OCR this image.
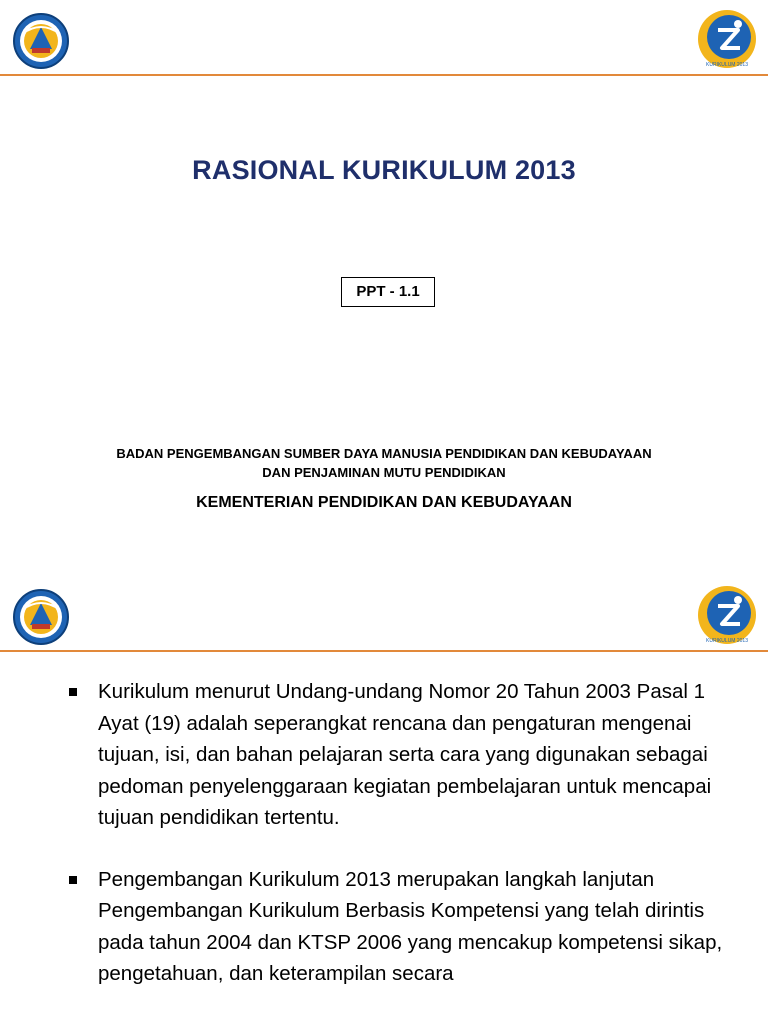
KURIKULUM 2013
RASIONAL KURIKULUM 2013
PPT - 1.1
BADAN PENGEMBANGAN SUMBER DAYA MANUSIA PENDIDIKAN DAN KEBUDAYAAN
DAN PENJAMINAN MUTU PENDIDIKAN
KEMENTERIAN PENDIDIKAN DAN KEBUDAYAAN
KURIKULUM 2013
Kurikulum menurut Undang-undang Nomor 20 Tahun 2003 Pasal 1 Ayat (19) adalah seperangkat rencana dan pengaturan mengenai tujuan, isi, dan bahan pelajaran serta cara yang digunakan sebagai pedoman penyelenggaraan kegiatan pembelajaran untuk mencapai tujuan pendidikan tertentu.
Pengembangan Kurikulum 2013 merupakan langkah lanjutan Pengembangan Kurikulum Berbasis Kompetensi yang telah dirintis pada tahun 2004 dan KTSP 2006 yang mencakup kompetensi sikap, pengetahuan, dan keterampilan secara
